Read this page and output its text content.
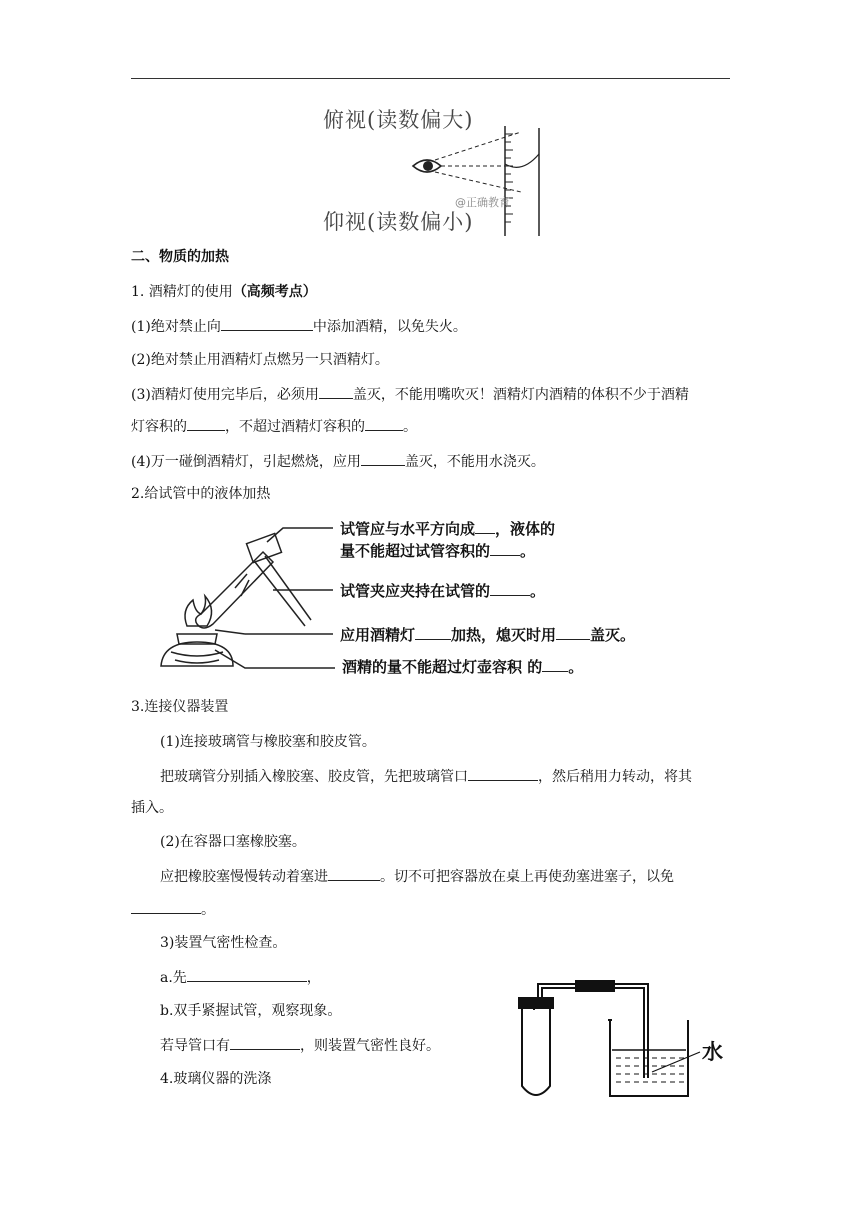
俯视(读数偏大)
仰视(读数偏小)
@正确教育
二、物质的加热
1. 酒精灯的使用（高频考点）
(1)绝对禁止向	中添加酒精，以免失火。
(2)绝对禁止用酒精灯点燃另一只酒精灯。
(3)酒精灯使用完毕后，必须用 盖灭，不能用嘴吹灭！酒精灯内酒精的体积不少于酒精
灯容积的	，不超过酒精灯容积的	。
(4)万一碰倒酒精灯，引起燃烧，应用	盖灭，不能用水浇灭。
2.给试管中的液体加热
试管应与水平方向成 ，液体的
量不能超过试管容积的 。
试管夹应夹持在试管的	。
应用酒精灯 加热，熄灭时用 盖灭。
酒精的量不能超过灯壶容积 的 。
3.连接仪器装置
(1)连接玻璃管与橡胶塞和胶皮管。
把玻璃管分别插入橡胶塞、胶皮管，先把玻璃管口	，然后稍用力转动，将其
插入。
(2)在容器口塞橡胶塞。
应把橡胶塞慢慢转动着塞进	。切不可把容器放在桌上再使劲塞进塞子，以免
。
3)装置气密性检查。
a.先	，
b.双手紧握试管，观察现象。
若导管口有	，则装置气密性良好。
4.玻璃仪器的洗涤
水
